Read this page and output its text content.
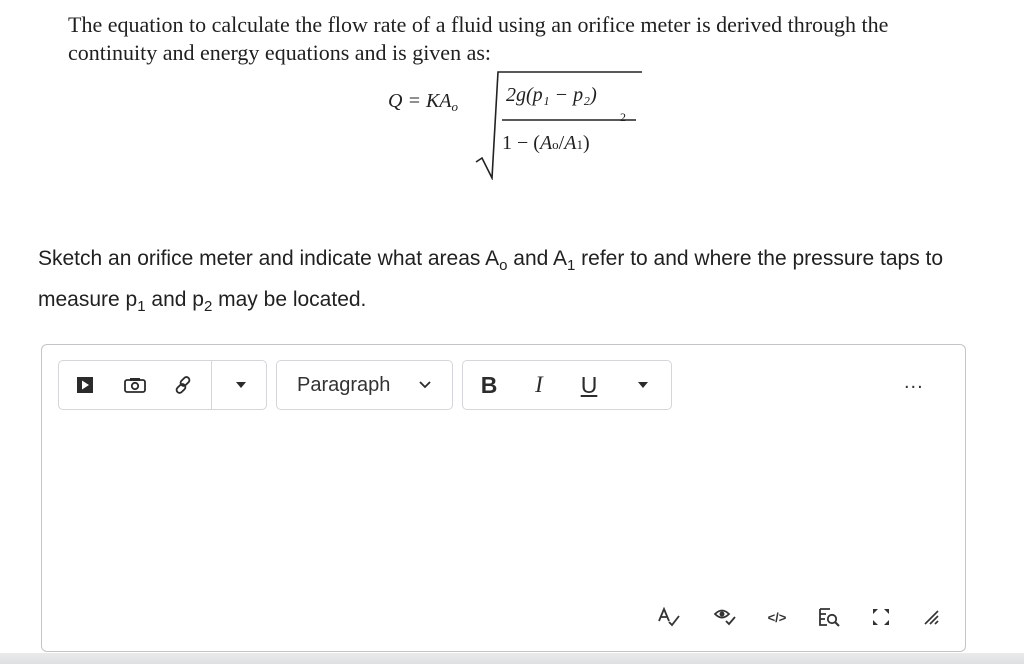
The equation to calculate the flow rate of a fluid using an orifice meter is derived through the continuity and energy equations and is given as:
$Q = KA_o$
2g(p₁ − p₂)
1 − (Ao/A1)
2
Sketch an orifice meter and indicate what areas $A_o$ and $A_1$ refer to and where the pressure taps to measure $p_1$ and $p_2$ may be located.
Paragraph	B	I	U	...
</>
